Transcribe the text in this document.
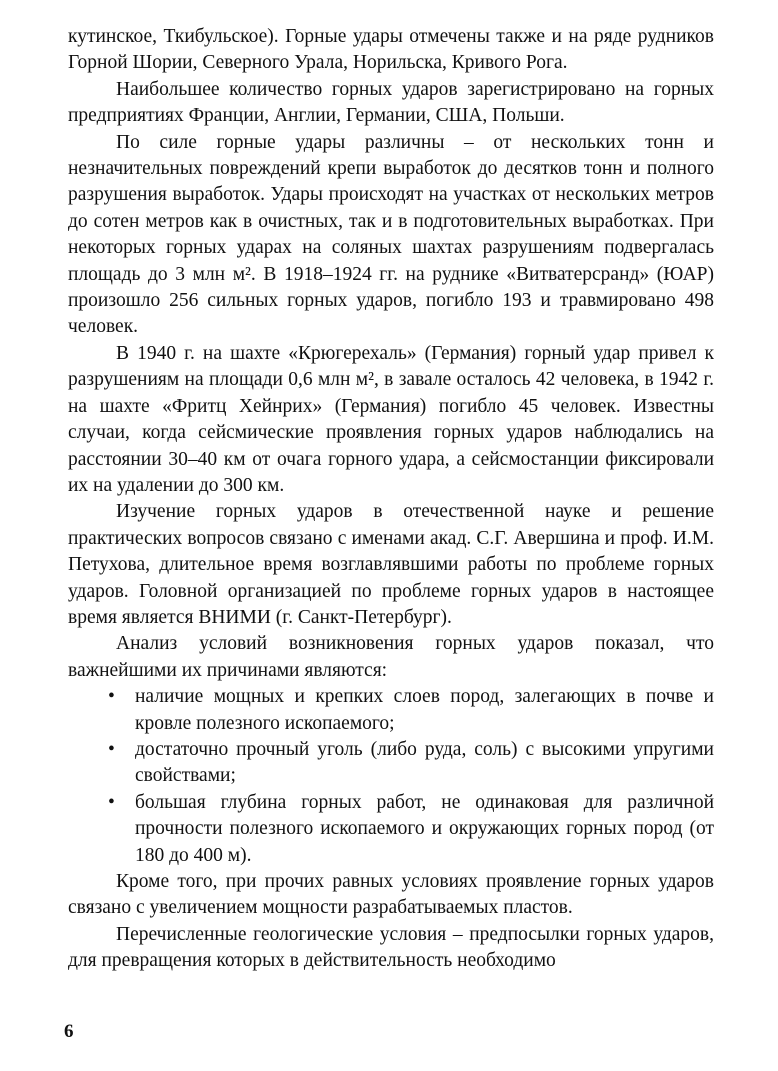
кутинское, Ткибульское). Горные удары отмечены также и на ряде рудников Горной Шории, Северного Урала, Норильска, Кривого Рога.

Наибольшее количество горных ударов зарегистрировано на горных предприятиях Франции, Англии, Германии, США, Польши.

По силе горные удары различны – от нескольких тонн и незначительных повреждений крепи выработок до десятков тонн и полного разрушения выработок. Удары происходят на участках от нескольких метров до сотен метров как в очистных, так и в подготовительных выработках. При некоторых горных ударах на соляных шахтах разрушениям подвергалась площадь до 3 млн м². В 1918–1924 гг. на руднике «Витватерсранд» (ЮАР) произошло 256 сильных горных ударов, погибло 193 и травмировано 498 человек.

В 1940 г. на шахте «Крюгерехаль» (Германия) горный удар привел к разрушениям на площади 0,6 млн м², в завале осталось 42 человека, в 1942 г. на шахте «Фритц Хейнрих» (Германия) погибло 45 человек. Известны случаи, когда сейсмические проявления горных ударов наблюдались на расстоянии 30–40 км от очага горного удара, а сейсмостанции фиксировали их на удалении до 300 км.

Изучение горных ударов в отечественной науке и решение практических вопросов связано с именами акад. С.Г. Авершина и проф. И.М. Петухова, длительное время возглавлявшими работы по проблеме горных ударов. Головной организацией по проблеме горных ударов в настоящее время является ВНИМИ (г. Санкт-Петербург).

Анализ условий возникновения горных ударов показал, что важнейшими их причинами являются:

• наличие мощных и крепких слоев пород, залегающих в почве и кровле полезного ископаемого;
• достаточно прочный уголь (либо руда, соль) с высокими упругими свойствами;
• большая глубина горных работ, не одинаковая для различной прочности полезного ископаемого и окружающих горных пород (от 180 до 400 м).

Кроме того, при прочих равных условиях проявление горных ударов связано с увеличением мощности разрабатываемых пластов.

Перечисленные геологические условия – предпосылки горных ударов, для превращения которых в действительность необходимо

6
